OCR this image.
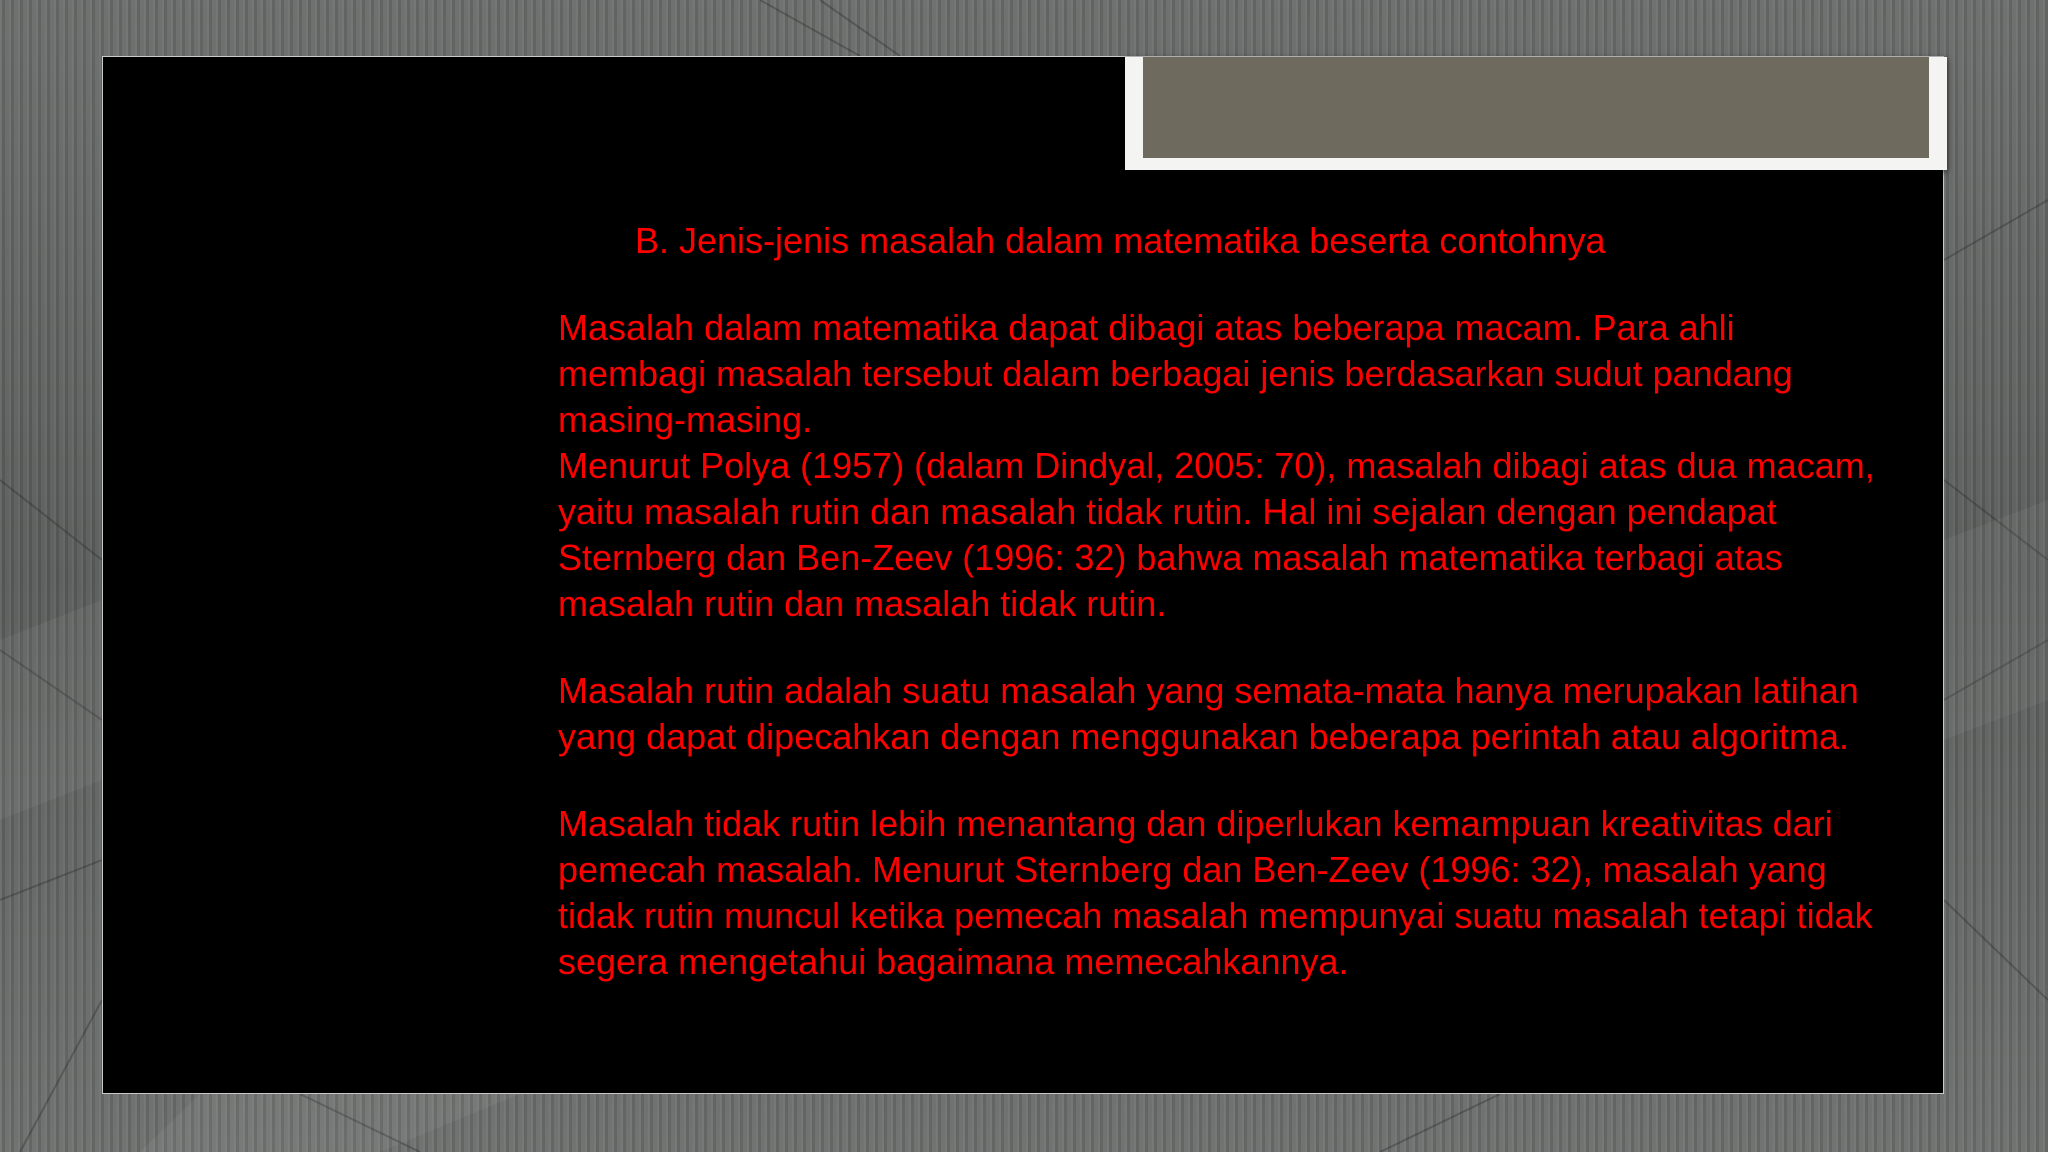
B. Jenis-jenis masalah dalam matematika beserta contohnya

Masalah dalam matematika dapat dibagi atas beberapa macam. Para ahli membagi masalah tersebut dalam berbagai jenis berdasarkan sudut pandang masing-masing.

Menurut Polya (1957) (dalam Dindyal, 2005: 70), masalah dibagi atas dua macam, yaitu masalah rutin dan masalah tidak rutin. Hal ini sejalan dengan pendapat Sternberg dan Ben-Zeev (1996: 32) bahwa masalah matematika terbagi atas masalah rutin dan masalah tidak rutin.

Masalah rutin adalah suatu masalah yang semata-mata hanya merupakan latihan yang dapat dipecahkan dengan menggunakan beberapa perintah atau algoritma.

Masalah tidak rutin lebih menantang dan diperlukan kemampuan kreativitas dari pemecah masalah. Menurut Sternberg dan Ben-Zeev (1996: 32), masalah yang tidak rutin muncul ketika pemecah masalah mempunyai suatu masalah tetapi tidak segera mengetahui bagaimana memecahkannya.
